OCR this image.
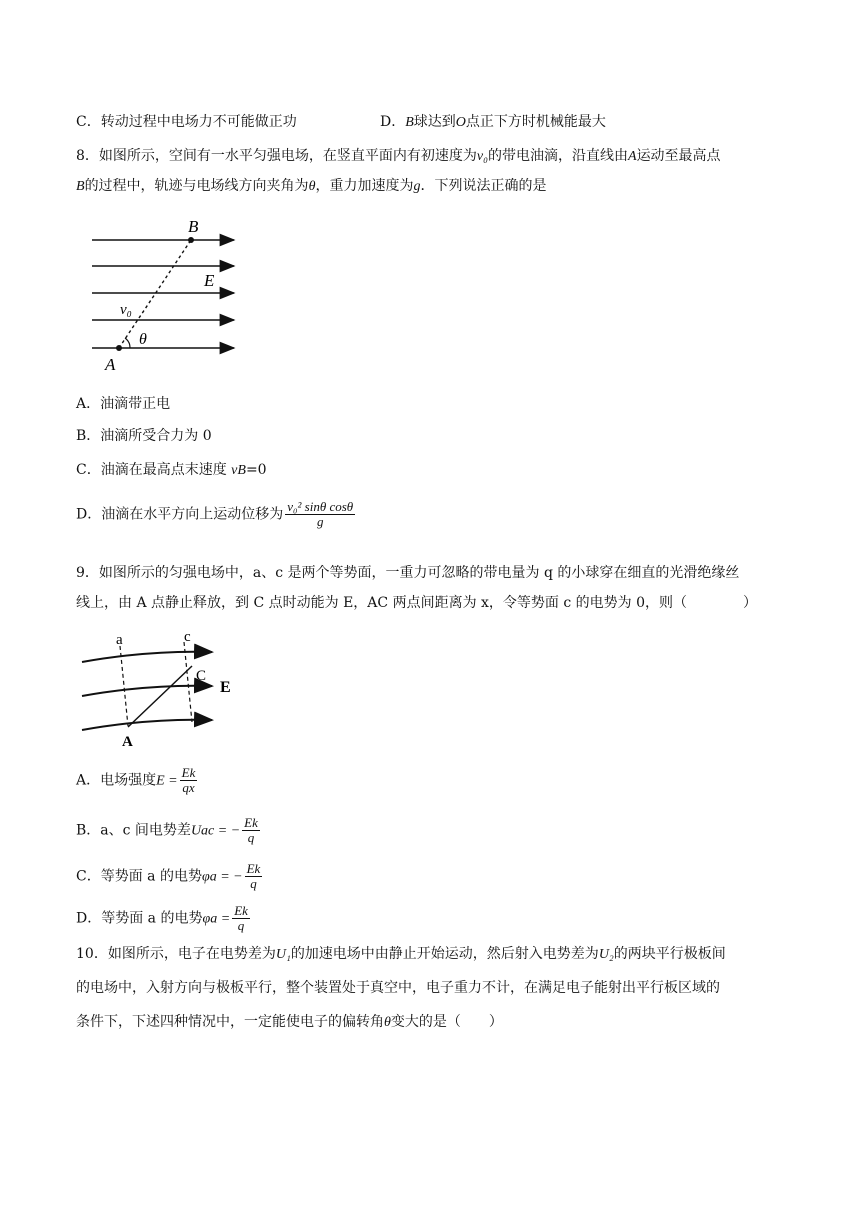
C．转动过程中电场力不可能做正功	D．B球达到O点正下方时机械能最大
8．如图所示，空间有一水平匀强电场，在竖直平面内有初速度为v₀的带电油滴，沿直线由A运动至最高点
B的过程中，轨迹与电场线方向夹角为θ，重力加速度为g．下列说法正确的是
B
E
v₀
θ
A
A．油滴带正电
B．油滴所受合力为 0
C．油滴在最高点末速度 vB=0
D．油滴在水平方向上运动位移为 $\frac{\text{v₀² sinθ cosθ}}{g}$
9．如图所示的匀强电场中，a、c 是两个等势面，一重力可忽略的带电量为 q 的小球穿在细直的光滑绝缘丝
线上，由 A 点静止释放，到 C 点时动能为 E，AC 两点间距离为 x，令等势面 c 的电势为 0，则（　　　　）
a	c
C
E
A
A．电场强度$E = \frac{Ek}{qx}$
B．a、c 间电势差Uac = − $\frac{Ek}{q}$
C．等势面 a 的电势φa = − $\frac{Ek}{q}$
D．等势面 a 的电势$\varphi a = \frac{Ek}{q}$
10．如图所示，电子在电势差为U₁的加速电场中由静止开始运动，然后射入电势差为U₂的两块平行极板间
的电场中，入射方向与极板平行，整个装置处于真空中，电子重力不计，在满足电子能射出平行板区域的
条件下，下述四种情况中，一定能使电子的偏转角θ变大的是（　　）
